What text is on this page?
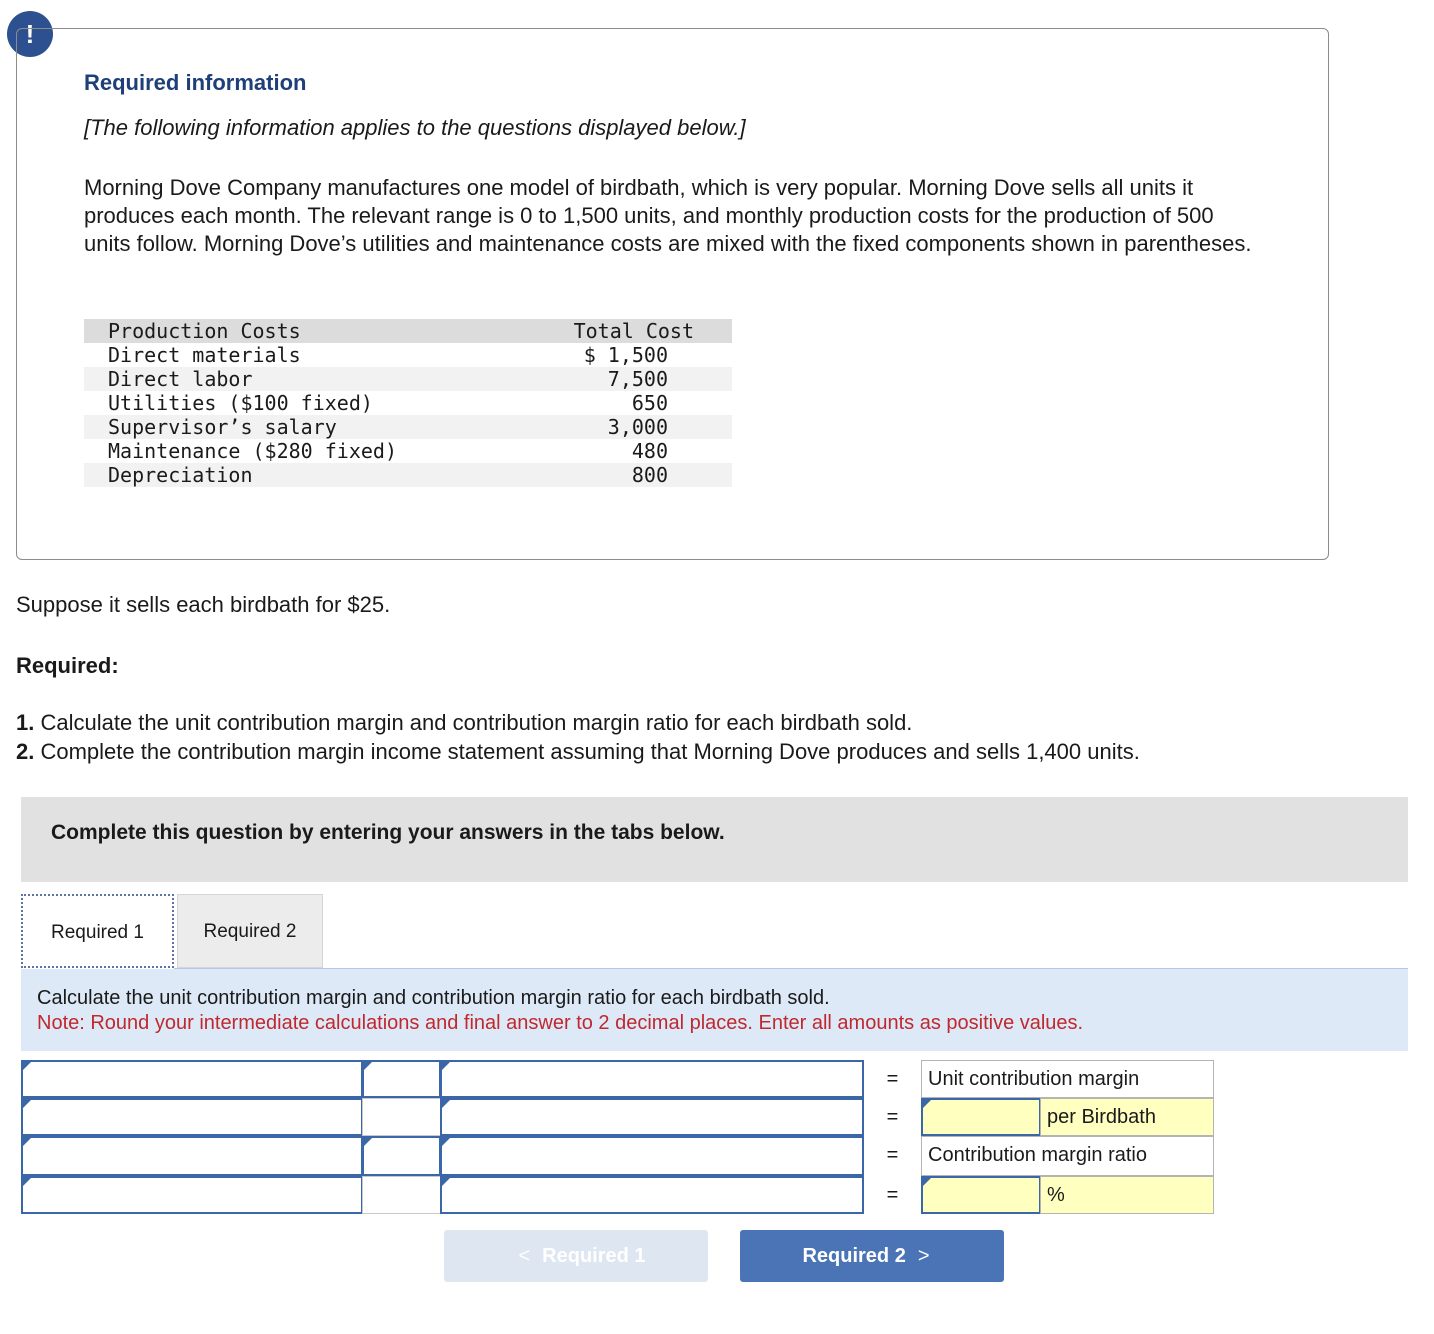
!
Required information
[The following information applies to the questions displayed below.]
Morning Dove Company manufactures one model of birdbath, which is very popular. Morning Dove sells all units it produces each month. The relevant range is 0 to 1,500 units, and monthly production costs for the production of 500 units follow. Morning Dove’s utilities and maintenance costs are mixed with the fixed components shown in parentheses.
Production Costs	Total Cost
Direct materials	$ 1,500
Direct labor	7,500
Utilities ($100 fixed)	650
Supervisor’s salary	3,000
Maintenance ($280 fixed)	480
Depreciation	800
Suppose it sells each birdbath for $25.
Required:
1. Calculate the unit contribution margin and contribution margin ratio for each birdbath sold.
2. Complete the contribution margin income statement assuming that Morning Dove produces and sells 1,400 units.
Complete this question by entering your answers in the tabs below.
Required 1	Required 2
Calculate the unit contribution margin and contribution margin ratio for each birdbath sold.
Note: Round your intermediate calculations and final answer to 2 decimal places. Enter all amounts as positive values.
=	Unit contribution margin
=	per Birdbath
=	Contribution margin ratio
=	%
< Required 1	Required 2 >
